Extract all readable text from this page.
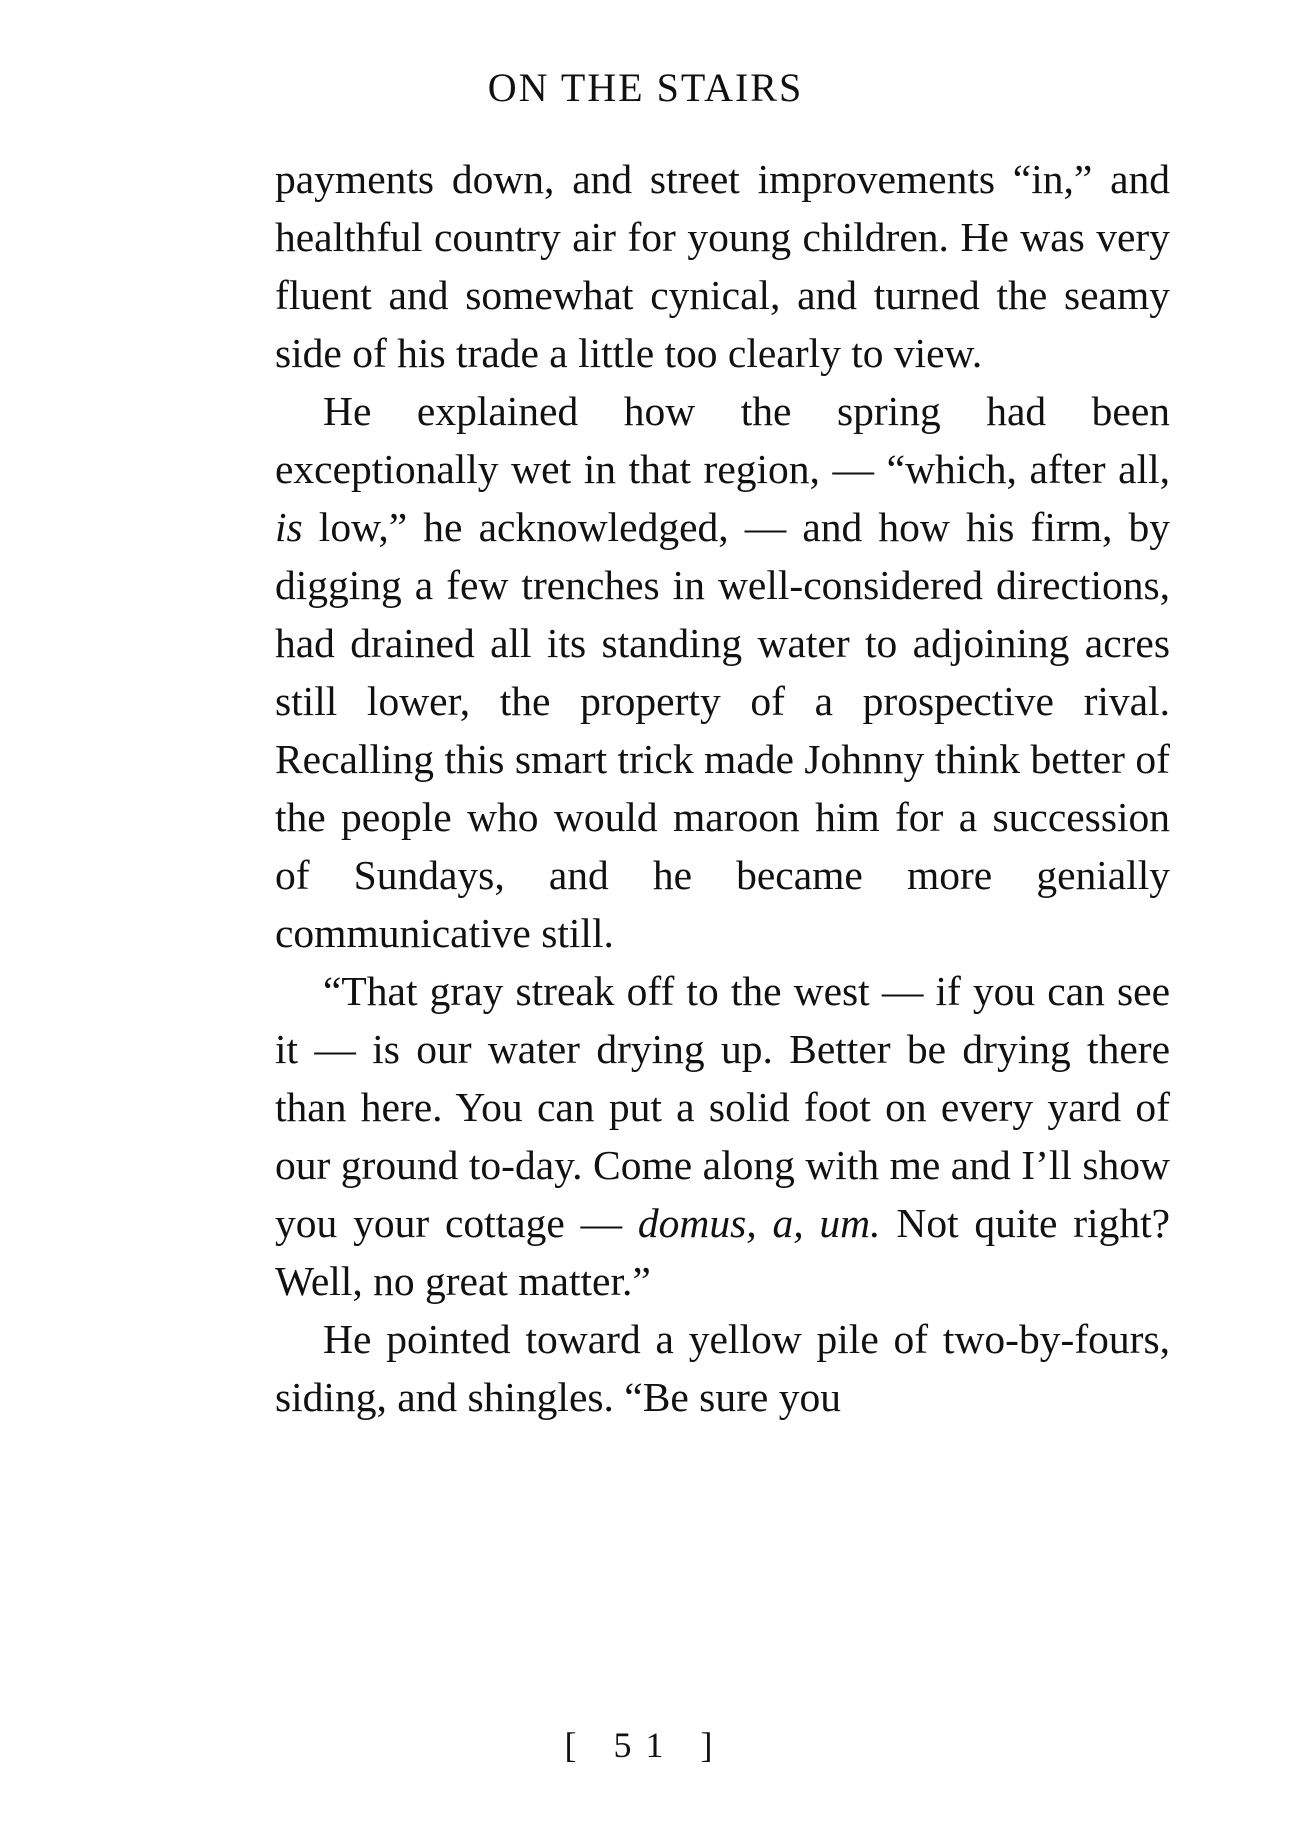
ON THE STAIRS

payments down, and street improvements “in,” and healthful country air for young children. He was very fluent and somewhat cynical, and turned the seamy side of his trade a little too clearly to view.

He explained how the spring had been exceptionally wet in that region, — “which, after all, is low,” he acknowledged, — and how his firm, by digging a few trenches in well-considered directions, had drained all its standing water to adjoining acres still lower, the property of a prospective rival. Recalling this smart trick made Johnny think better of the people who would maroon him for a succession of Sundays, and he became more genially communicative still.

“That gray streak off to the west — if you can see it — is our water drying up. Better be drying there than here. You can put a solid foot on every yard of our ground to-day. Come along with me and I’ll show you your cottage — domus, a, um. Not quite right? Well, no great matter.”

He pointed toward a yellow pile of two-by-fours, siding, and shingles. “Be sure you

[ 51 ]
